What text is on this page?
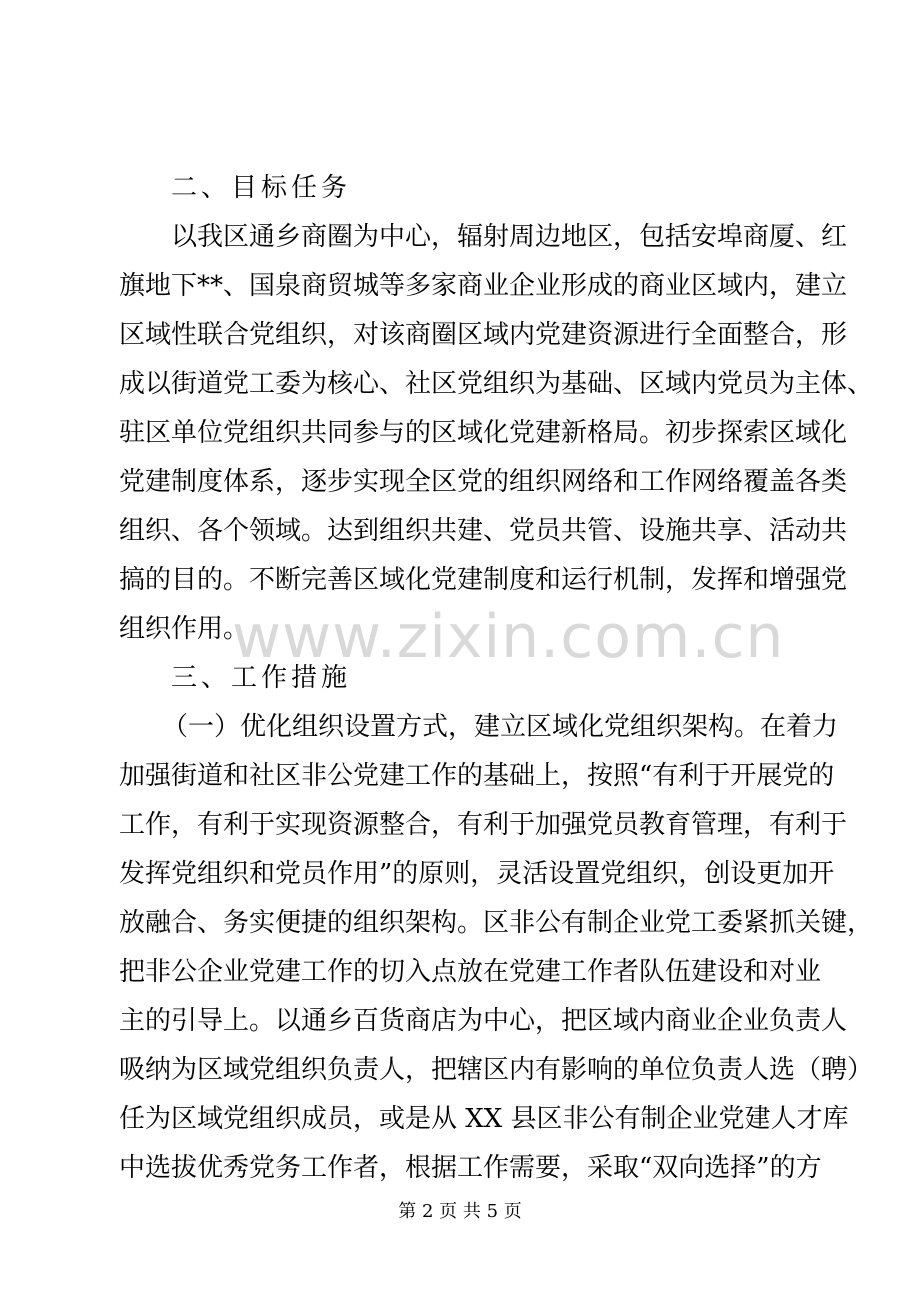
二、目标任务
以我区通乡商圈为中心，辐射周边地区，包括安埠商厦、红
旗地下**、国泉商贸城等多家商业企业形成的商业区域内，建立
区域性联合党组织，对该商圈区域内党建资源进行全面整合，形
成以街道党工委为核心、社区党组织为基础、区域内党员为主体、
驻区单位党组织共同参与的区域化党建新格局。初步探索区域化
党建制度体系，逐步实现全区党的组织网络和工作网络覆盖各类
组织、各个领域。达到组织共建、党员共管、设施共享、活动共
搞的目的。不断完善区域化党建制度和运行机制，发挥和增强党
组织作用。
三、工作措施
（一）优化组织设置方式，建立区域化党组织架构。在着力
加强街道和社区非公党建工作的基础上，按照“有利于开展党的
工作，有利于实现资源整合，有利于加强党员教育管理，有利于
发挥党组织和党员作用”的原则，灵活设置党组织，创设更加开
放融合、务实便捷的组织架构。区非公有制企业党工委紧抓关键，
把非公企业党建工作的切入点放在党建工作者队伍建设和对业
主的引导上。以通乡百货商店为中心，把区域内商业企业负责人
吸纳为区域党组织负责人，把辖区内有影响的单位负责人选（聘）
任为区域党组织成员，或是从 XX 县区非公有制企业党建人才库
中选拔优秀党务工作者，根据工作需要，采取“双向选择”的方
www.zixin.com.cn
第 2 页 共 5 页
